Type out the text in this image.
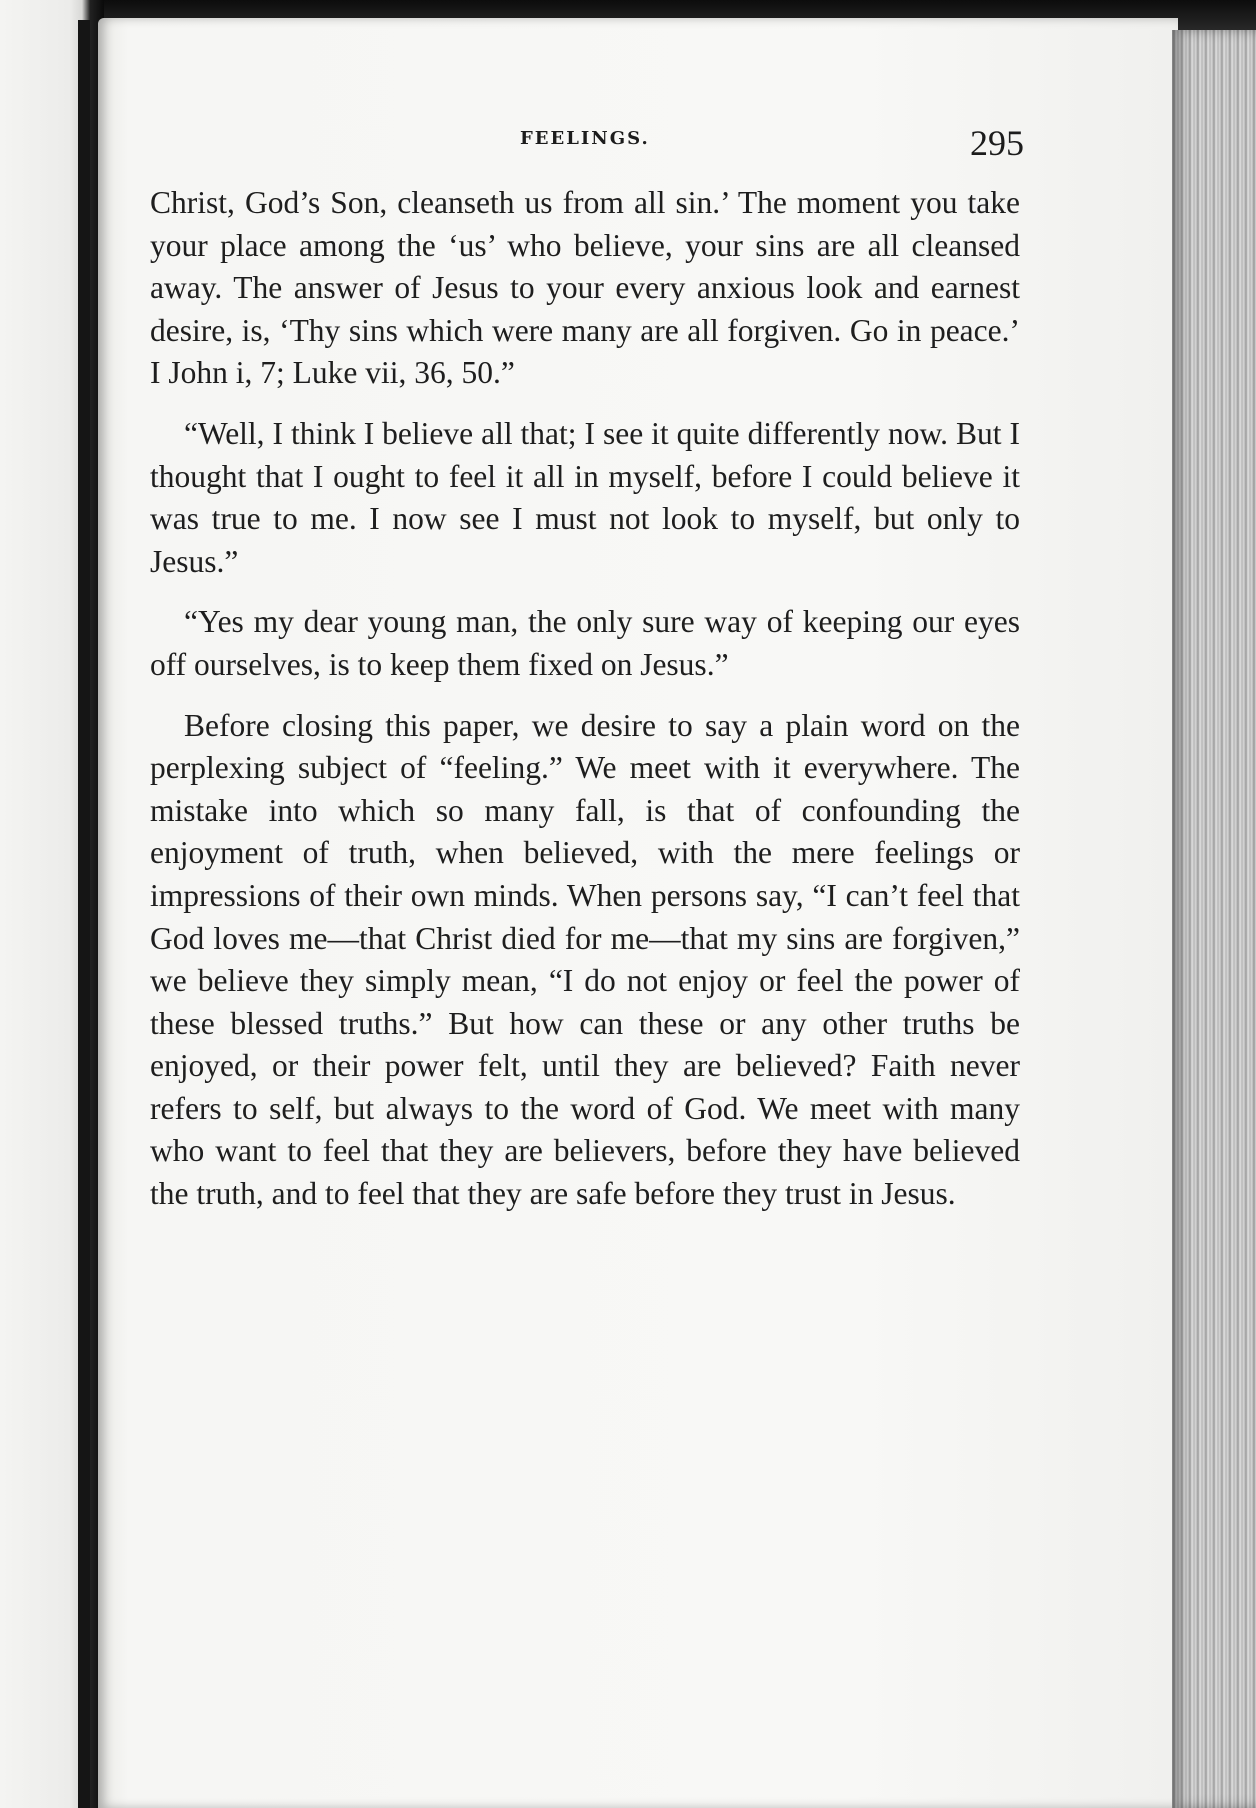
FEELINGS.	295

Christ, God’s Son, cleanseth us from all sin.’ The moment you take your place among the ‘us’ who believe, your sins are all cleansed away. The answer of Jesus to your every anxious look and earnest desire, is, ‘Thy sins which were many are all forgiven. Go in peace.’ I John i, 7; Luke vii, 36, 50.”

“Well, I think I believe all that; I see it quite differently now. But I thought that I ought to feel it all in myself, before I could believe it was true to me. I now see I must not look to myself, but only to Jesus.”

“Yes my dear young man, the only sure way of keeping our eyes off ourselves, is to keep them fixed on Jesus.”

Before closing this paper, we desire to say a plain word on the perplexing subject of “feeling.” We meet with it everywhere. The mistake into which so many fall, is that of confounding the enjoyment of truth, when believed, with the mere feelings or impressions of their own minds. When persons say, “I can’t feel that God loves me—that Christ died for me—that my sins are forgiven,” we believe they simply mean, “I do not enjoy or feel the power of these blessed truths.” But how can these or any other truths be enjoyed, or their power felt, until they are believed? Faith never refers to self, but always to the word of God. We meet with many who want to feel that they are believers, before they have believed the truth, and to feel that they are safe before they trust in Jesus.
